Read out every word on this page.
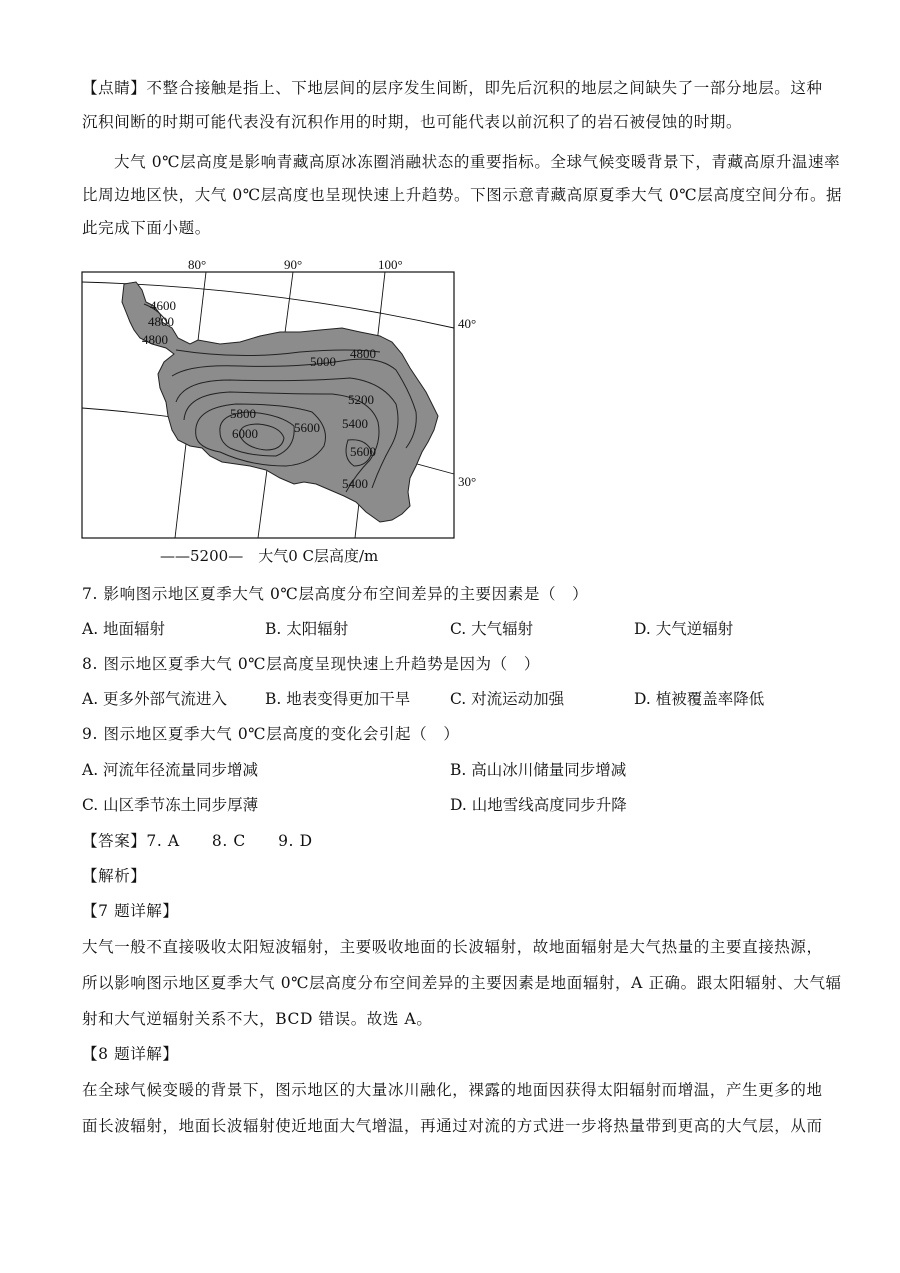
【点睛】不整合接触是指上、下地层间的层序发生间断，即先后沉积的地层之间缺失了一部分地层。这种
沉积间断的时期可能代表没有沉积作用的时期，也可能代表以前沉积了的岩石被侵蚀的时期。
大气 0℃层高度是影响青藏高原冰冻圈消融状态的重要指标。全球气候变暖背景下，青藏高原升温速率
比周边地区快，大气 0℃层高度也呈现快速上升趋势。下图示意青藏高原夏季大气 0℃层高度空间分布。据
此完成下面小题。
80°	90°	100°
40°
30°
4600
4800
4800
4800
5000
5200
5400
5600
5600
5800
6000
5400
——5200—　大气0 C层高度/m
7. 影响图示地区夏季大气 0℃层高度分布空间差异的主要因素是（　）
A. 地面辐射	B. 太阳辐射	C. 大气辐射	D. 大气逆辐射
8. 图示地区夏季大气 0℃层高度呈现快速上升趋势是因为（　）
A. 更多外部气流进入 B. 地表变得更加干旱	C. 对流运动加强	D. 植被覆盖率降低
9. 图示地区夏季大气 0℃层高度的变化会引起（　）
A. 河流年径流量同步增减	B. 高山冰川储量同步增减
C. 山区季节冻土同步厚薄	D. 山地雪线高度同步升降
【答案】7. A　　8. C　　9. D
【解析】
【7 题详解】
大气一般不直接吸收太阳短波辐射，主要吸收地面的长波辐射，故地面辐射是大气热量的主要直接热源，
所以影响图示地区夏季大气 0℃层高度分布空间差异的主要因素是地面辐射，A 正确。跟太阳辐射、大气辐
射和大气逆辐射关系不大，BCD 错误。故选 A。
【8 题详解】
在全球气候变暖的背景下，图示地区的大量冰川融化，裸露的地面因获得太阳辐射而增温，产生更多的地
面长波辐射，地面长波辐射使近地面大气增温，再通过对流的方式进一步将热量带到更高的大气层，从而
